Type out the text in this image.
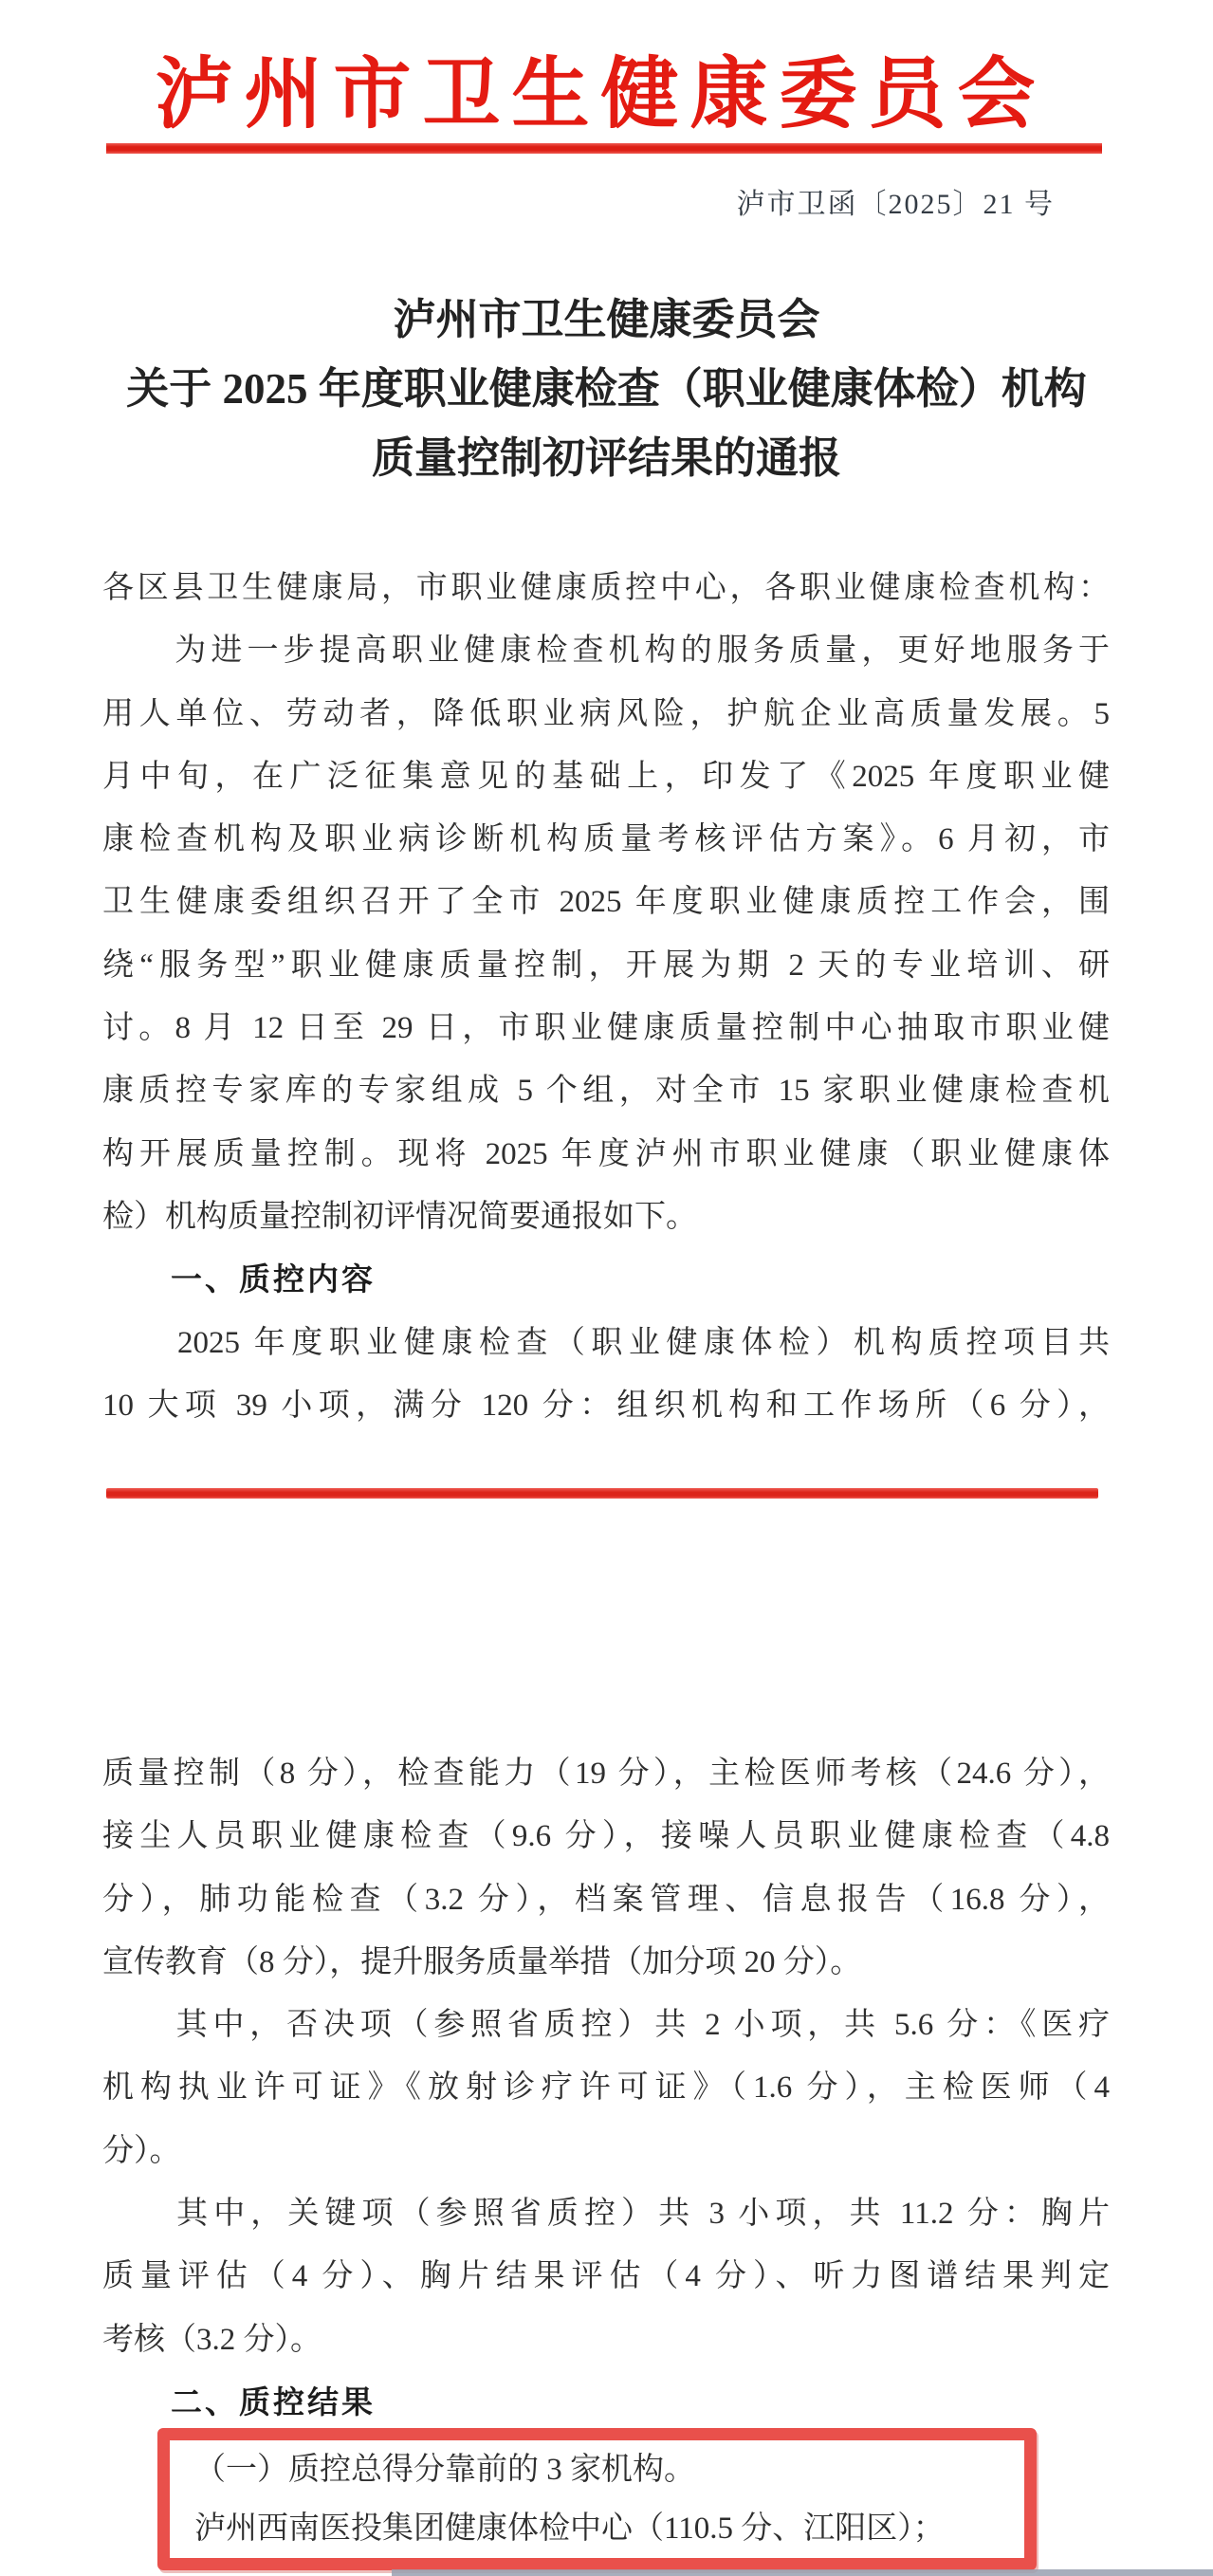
泸州市卫生健康委员会
泸市卫函〔2025〕21 号
泸州市卫生健康委员会
关于 2025 年度职业健康检查（职业健康体检）机构
质量控制初评结果的通报
各区县卫生健康局，市职业健康质控中心，各职业健康检查机构：
　　为进一步提高职业健康检查机构的服务质量，更好地服务于
用人单位、劳动者，降低职业病风险，护航企业高质量发展。5
月中旬，在广泛征集意见的基础上，印发了《2025 年度职业健
康检查机构及职业病诊断机构质量考核评估方案》。6 月初，市
卫生健康委组织召开了全市 2025 年度职业健康质控工作会，围
绕“服务型”职业健康质量控制，开展为期 2 天的专业培训、研
讨。8 月 12 日至 29 日，市职业健康质量控制中心抽取市职业健
康质控专家库的专家组成 5 个组，对全市 15 家职业健康检查机
构开展质量控制。现将 2025 年度泸州市职业健康（职业健康体
检）机构质量控制初评情况简要通报如下。
一、质控内容
　　2025 年度职业健康检查（职业健康体检）机构质控项目共
10 大项 39 小项，满分 120 分：组织机构和工作场所（6 分），
质量控制（8 分），检查能力（19 分），主检医师考核（24.6 分），
接尘人员职业健康检查（9.6 分），接噪人员职业健康检查（4.8
分），肺功能检查（3.2 分），档案管理、信息报告（16.8 分），
宣传教育（8 分），提升服务质量举措（加分项 20 分）。
　　其中，否决项（参照省质控）共 2 小项，共 5.6 分：《医疗
机构执业许可证》《放射诊疗许可证》（1.6 分），主检医师（4
分）。
　　其中，关键项（参照省质控）共 3 小项，共 11.2 分：胸片
质量评估（4 分）、胸片结果评估（4 分）、听力图谱结果判定
考核（3.2 分）。
二、质控结果
（一）质控总得分靠前的 3 家机构。
泸州西南医投集团健康体检中心（110.5 分、江阳区）；
